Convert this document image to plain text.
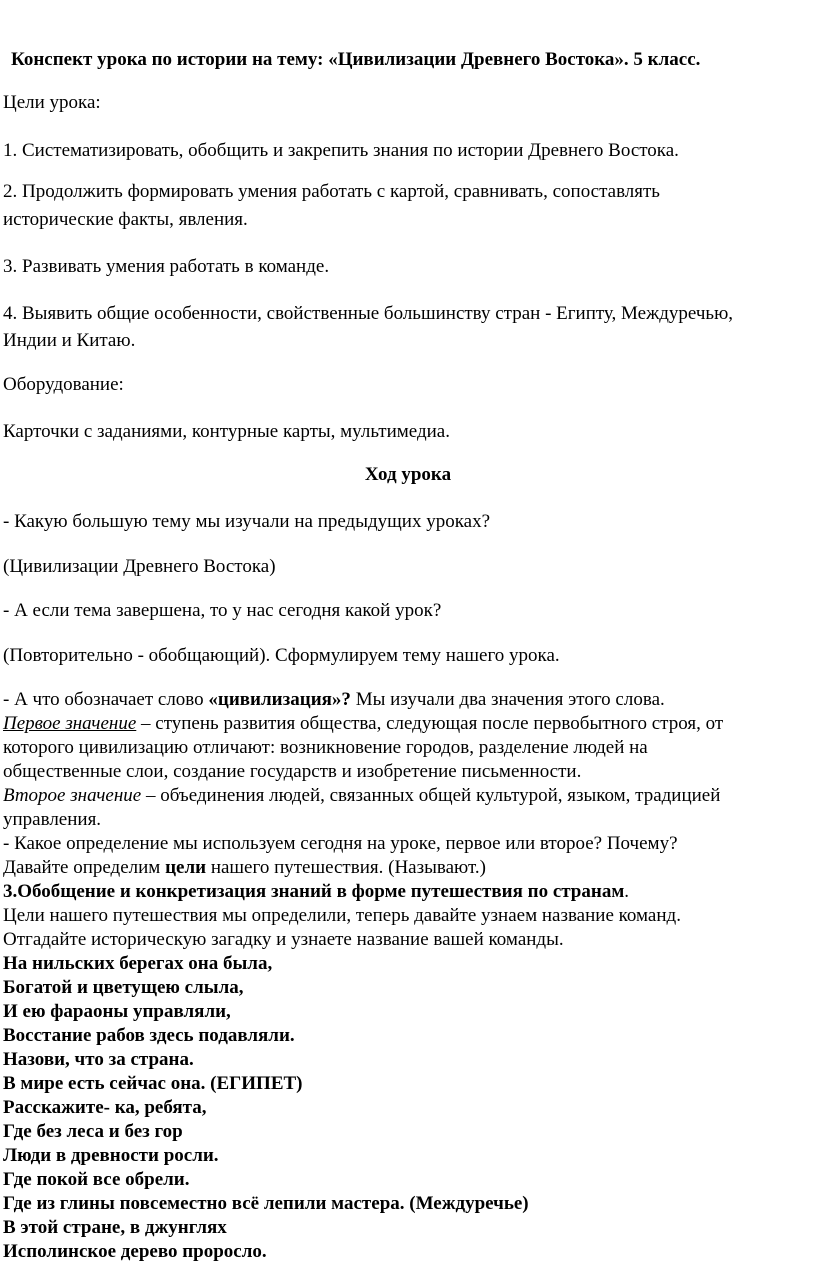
Конспект урока по истории на тему: «Цивилизации Древнего Востока». 5 класс.
Цели урока:
1. Систематизировать, обобщить и закрепить знания по истории Древнего Востока.
2. Продолжить формировать умения работать с картой, сравнивать, сопоставлять
исторические факты, явления.
3. Развивать умения работать в команде.
4. Выявить общие особенности, свойственные большинству стран - Египту, Междуречью,
Индии и Китаю.
Оборудование:
Карточки с заданиями, контурные карты, мультимедиа.
Ход урока
- Какую большую тему мы изучали на предыдущих уроках?
(Цивилизации Древнего Востока)
- А если тема завершена, то у нас сегодня какой урок?
(Повторительно - обобщающий). Сформулируем тему нашего урока.
- А что обозначает слово «цивилизация»? Мы изучали два значения этого слова.
Первое значение – ступень развития общества, следующая после первобытного строя, от
которого цивилизацию отличают: возникновение городов, разделение людей на
общественные слои, создание государств и изобретение письменности.
Второе значение – объединения людей, связанных общей культурой, языком, традицией
управления.
- Какое определение мы используем сегодня на уроке, первое или второе? Почему?
Давайте определим цели нашего путешествия. (Называют.)
3.Обобщение и конкретизация знаний в форме путешествия по странам.
Цели нашего путешествия мы определили, теперь давайте узнаем название команд.
Отгадайте историческую загадку и узнаете название вашей команды.
На нильских берегах она была,
Богатой и цветущею слыла,
И ею фараоны управляли,
Восстание рабов здесь подавляли.
Назови, что за страна.
В мире есть сейчас она. (ЕГИПЕТ)
Расскажите- ка, ребята,
Где без леса и без гор
Люди в древности росли.
Где покой все обрели.
Где из глины повсеместно всё лепили мастера. (Междуречье)
В этой стране, в джунглях
Исполинское дерево проросло.
